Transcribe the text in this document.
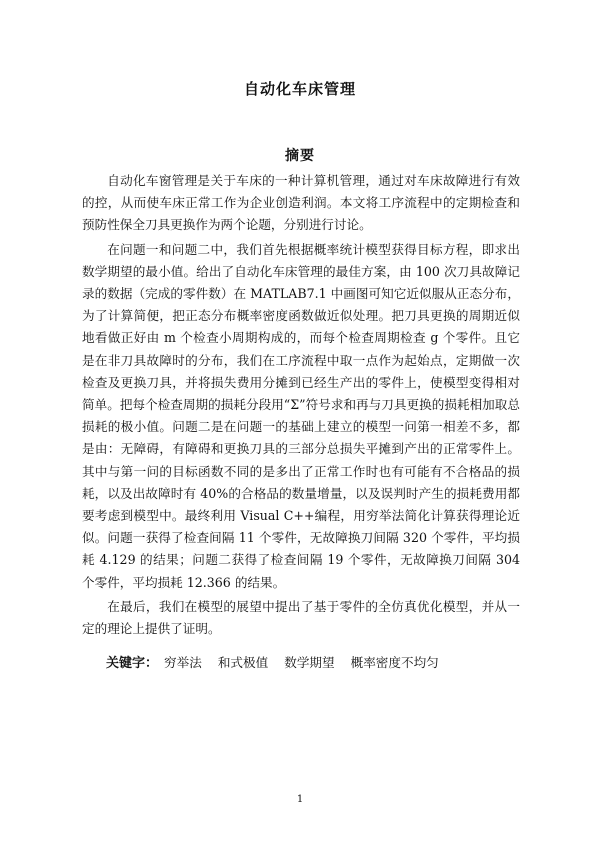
自动化车床管理
摘要

自动化车窗管理是关于车床的一种计算机管理，通过对车床故障进行有效的控，从而使车床正常工作为企业创造利润。本文将工序流程中的定期检查和预防性保全刀具更换作为两个论题，分别进行讨论。

在问题一和问题二中，我们首先根据概率统计模型获得目标方程，即求出数学期望的最小值。给出了自动化车床管理的最佳方案，由 100 次刀具故障记录的数据（完成的零件数）在 MATLAB7.1 中画图可知它近似服从正态分布，为了计算简便，把正态分布概率密度函数做近似处理。把刀具更换的周期近似地看做正好由 m 个检查小周期构成的，而每个检查周期检查 g 个零件。且它是在非刀具故障时的分布，我们在工序流程中取一点作为起始点，定期做一次检查及更换刀具，并将损失费用分摊到已经生产出的零件上，使模型变得相对简单。把每个检查周期的损耗分段用“Σ”符号求和再与刀具更换的损耗相加取总损耗的极小值。问题二是在问题一的基础上建立的模型一问第一相差不多，都是由：无障碍，有障碍和更换刀具的三部分总损失平摊到产出的正常零件上。其中与第一问的目标函数不同的是多出了正常工作时也有可能有不合格品的损耗，以及出故障时有 40%的合格品的数量增量，以及误判时产生的损耗费用都要考虑到模型中。最终利用 Visual C++编程，用穷举法简化计算获得理论近似。问题一获得了检查间隔 11 个零件，无故障换刀间隔 320 个零件，平均损耗 4.129 的结果；问题二获得了检查间隔 19 个零件，无故障换刀间隔 304 个零件，平均损耗 12.366 的结果。

在最后，我们在模型的展望中提出了基于零件的全仿真优化模型，并从一定的理论上提供了证明。

关键字： 穷举法 和式极值 数学期望 概率密度不均匀
1
